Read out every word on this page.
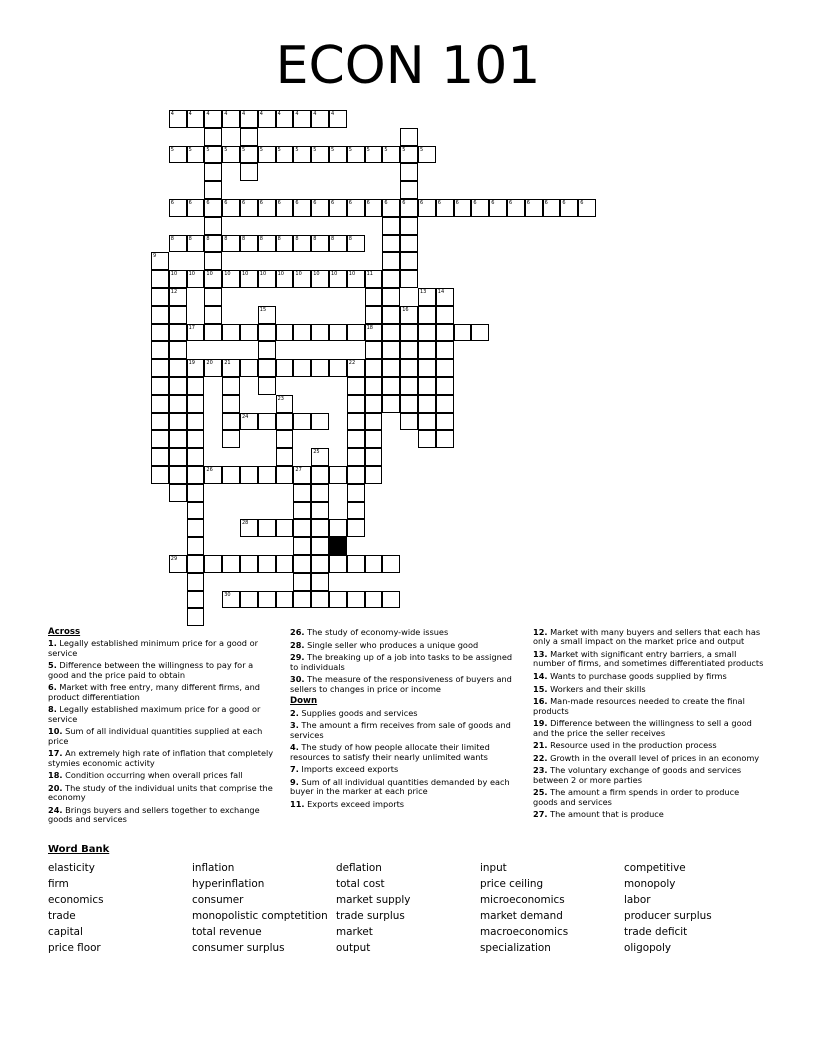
ECON 101
4	4	4	4	4	4	4	4	4	4
5	5	5	5	5	5	5	5	5	5	5	5	5	5	5
6	6	6	6	6	6	6	6	6	6	6	6	6	6	6	6	6	6	6	6	6	6	6	6
8	8	8	8	8	8	8	8	8	8	8
9
10 10 10 10 10 10 10 10 10 10 10 11
12	13 14
15	16
17	18
19 20 21	22
23
24
25
26	27
28
29
30
Across
1. Legally established minimum price for a good or service
5. Difference between the willingness to pay for a good and the price paid to obtain
6. Market with free entry, many different firms, and product differentiation
8. Legally established maximum price for a good or service
10. Sum of all individual quantities supplied at each price
17. An extremely high rate of inflation that completely stymies economic activity
18. Condition occurring when overall prices fall
20. The study of the individual units that comprise the economy
24. Brings buyers and sellers together to exchange goods and services
26. The study of economy-wide issues
28. Single seller who produces a unique good
29. The breaking up of a job into tasks to be assigned to individuals
30. The measure of the responsiveness of buyers and sellers to changes in price or income
Down
2. Supplies goods and services
3. The amount a firm receives from sale of goods and services
4. The study of how people allocate their limited resources to satisfy their nearly unlimited wants
7. Imports exceed exports
9. Sum of all individual quantities demanded by each buyer in the marker at each price
11. Exports exceed imports
12. Market with many buyers and sellers that each has only a small impact on the market price and output
13. Market with significant entry barriers, a small number of firms, and sometimes differentiated products
14. Wants to purchase goods supplied by firms
15. Workers and their skills
16. Man-made resources needed to create the final products
19. Difference between the willingness to sell a good and the price the seller receives
21. Resource used in the production process
22. Growth in the overall level of prices in an economy
23. The voluntary exchange of goods and services between 2 or more parties
25. The amount a firm spends in order to produce goods and services
27. The amount that is produce
Word Bank
elasticity
firm
economics
trade
capital
price floor
inflation
hyperinflation
consumer
monopolistic comptetition
total revenue
consumer surplus
deflation
total cost
market supply
trade surplus
market
output
input
price ceiling
microeconomics
market demand
macroeconomics
specialization
competitive
monopoly
labor
producer surplus
trade deficit
oligopoly
